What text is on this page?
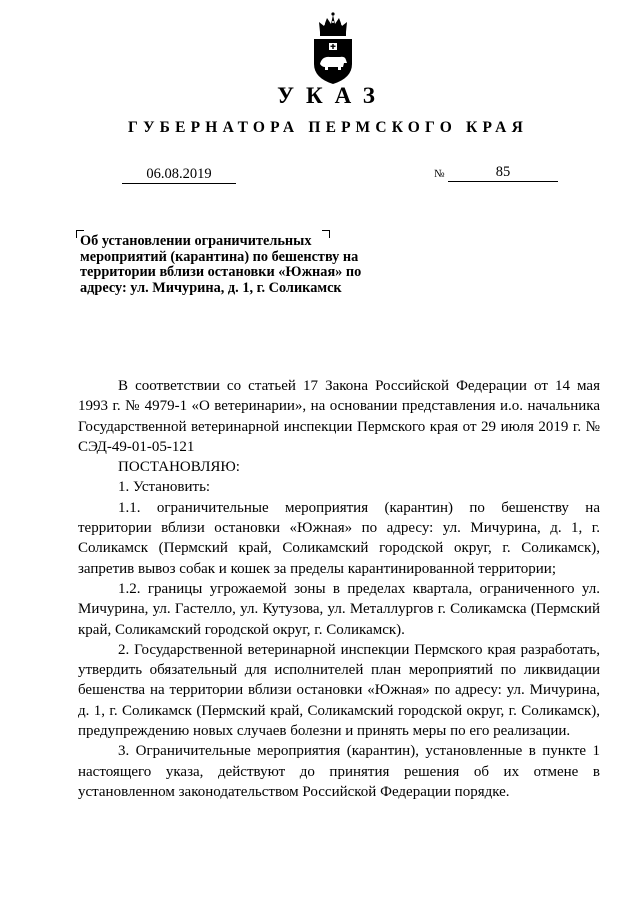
УКАЗ
ГУБЕРНАТОРА ПЕРМСКОГО КРАЯ
06.08.2019	№	85

Об установлении ограничительных мероприятий (карантина) по бешенству на территории вблизи остановки «Южная» по адресу: ул. Мичурина, д. 1, г. Соликамск

В соответствии со статьей 17 Закона Российской Федерации от 14 мая 1993 г. № 4979-1 «О ветеринарии», на основании представления и.о. начальника Государственной ветеринарной инспекции Пермского края от 29 июля 2019 г. № СЭД-49-01-05-121

ПОСТАНОВЛЯЮ:

1. Установить:

1.1. ограничительные мероприятия (карантин) по бешенству на территории вблизи остановки «Южная» по адресу: ул. Мичурина, д. 1, г. Соликамск (Пермский край, Соликамский городской округ, г. Соликамск), запретив вывоз собак и кошек за пределы карантинированной территории;

1.2. границы угрожаемой зоны в пределах квартала, ограниченного ул. Мичурина, ул. Гастелло, ул. Кутузова, ул. Металлургов г. Соликамска (Пермский край, Соликамский городской округ, г. Соликамск).

2. Государственной ветеринарной инспекции Пермского края разработать, утвердить обязательный для исполнителей план мероприятий по ликвидации бешенства на территории вблизи остановки «Южная» по адресу: ул. Мичурина, д. 1, г. Соликамск (Пермский край, Соликамский городской округ, г. Соликамск), предупреждению новых случаев болезни и принять меры по его реализации.

3. Ограничительные мероприятия (карантин), установленные в пункте 1 настоящего указа, действуют до принятия решения об их отмене в установленном законодательством Российской Федерации порядке.
